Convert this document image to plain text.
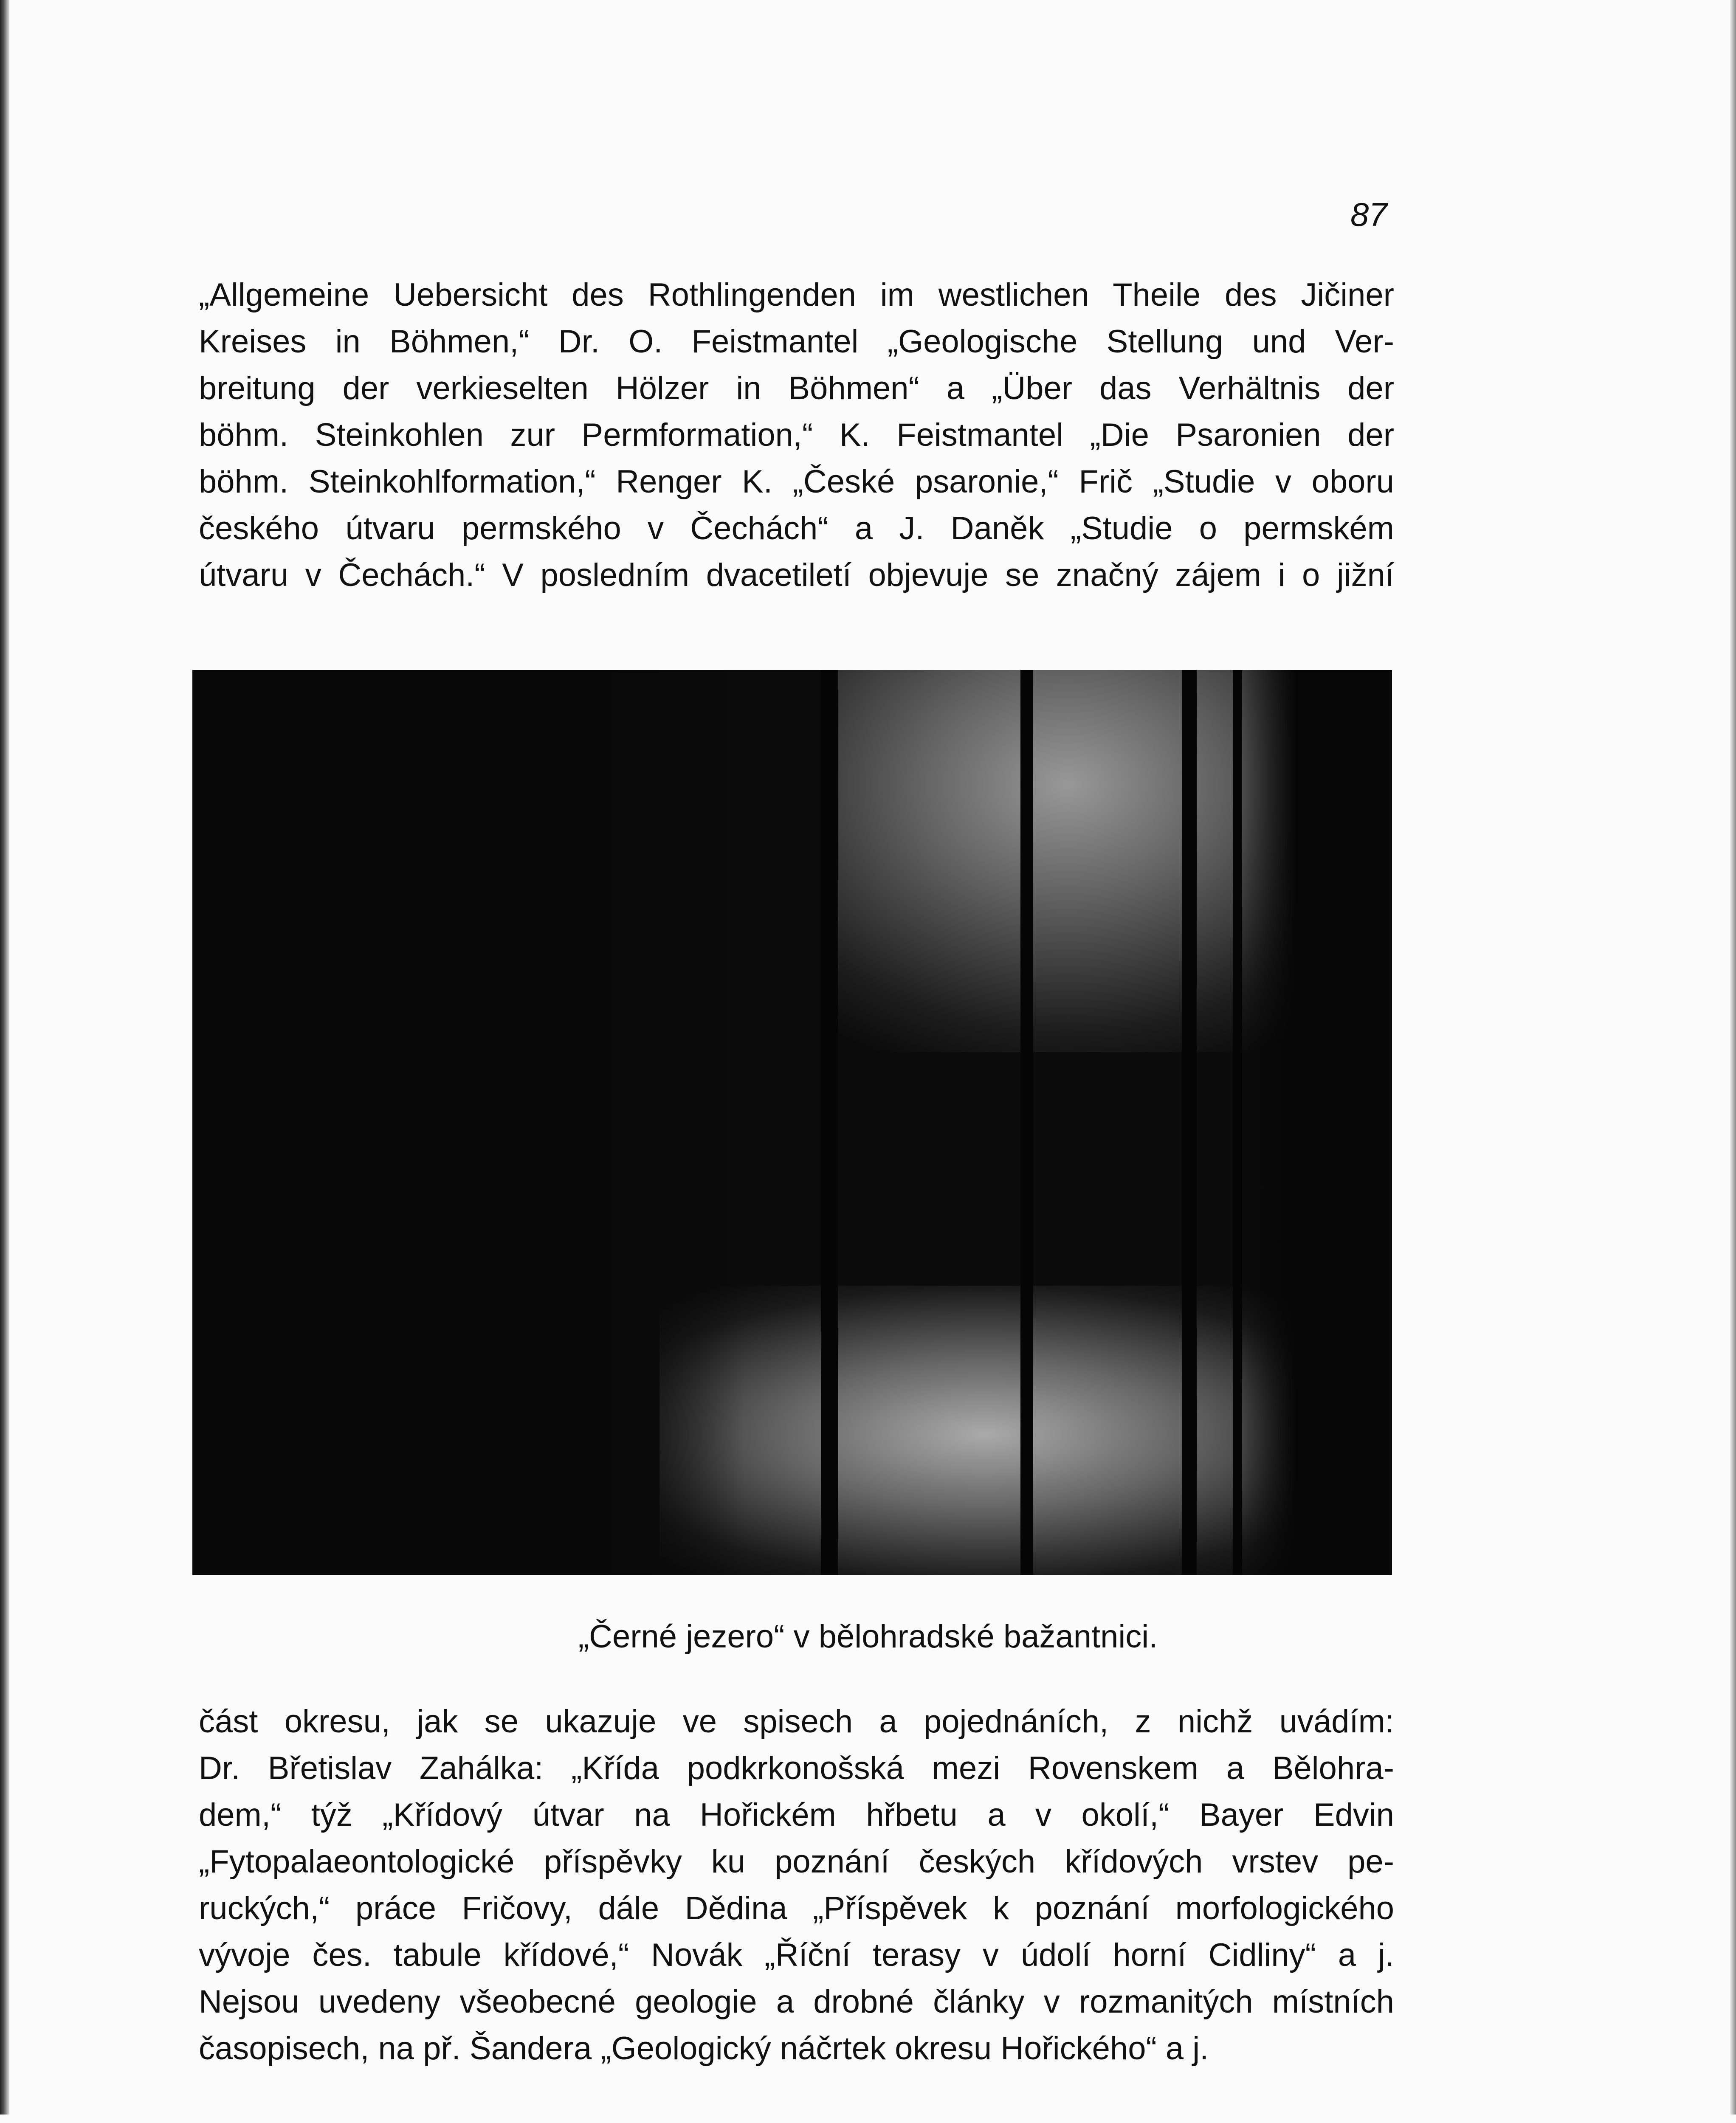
87
„Allgemeine Uebersicht des Rothlingenden im westlichen Theile des Jičiner
Kreises in Böhmen,“ Dr. O. Feistmantel „Geologische Stellung und Ver-
breitung der verkieselten Hölzer in Böhmen“ a „Über das Verhältnis der
böhm. Steinkohlen zur Permformation,“ K. Feistmantel „Die Psaronien der
böhm. Steinkohlformation,“ Renger K. „České psaronie,“ Frič „Studie v oboru
českého útvaru permského v Čechách“ a J. Daněk „Studie o permském
útvaru v Čechách.“ V posledním dvacetiletí objevuje se značný zájem i o jižní
„Černé jezero“ v bělohradské bažantnici.
část okresu, jak se ukazuje ve spisech a pojednáních, z nichž uvádím:
Dr. Břetislav Zahálka: „Křída podkrkonošská mezi Rovenskem a Bělohra-
dem,“ týž „Křídový útvar na Hořickém hřbetu a v okolí,“ Bayer Edvin
„Fytopalaeontologické příspěvky ku poznání českých křídových vrstev pe-
ruckých,“ práce Fričovy, dále Dědina „Příspěvek k poznání morfologického
vývoje čes. tabule křídové,“ Novák „Říční terasy v údolí horní Cidliny“ a j.
Nejsou uvedeny všeobecné geologie a drobné články v rozmanitých místních
časopisech, na př. Šandera „Geologický náčrtek okresu Hořického“ a j.
